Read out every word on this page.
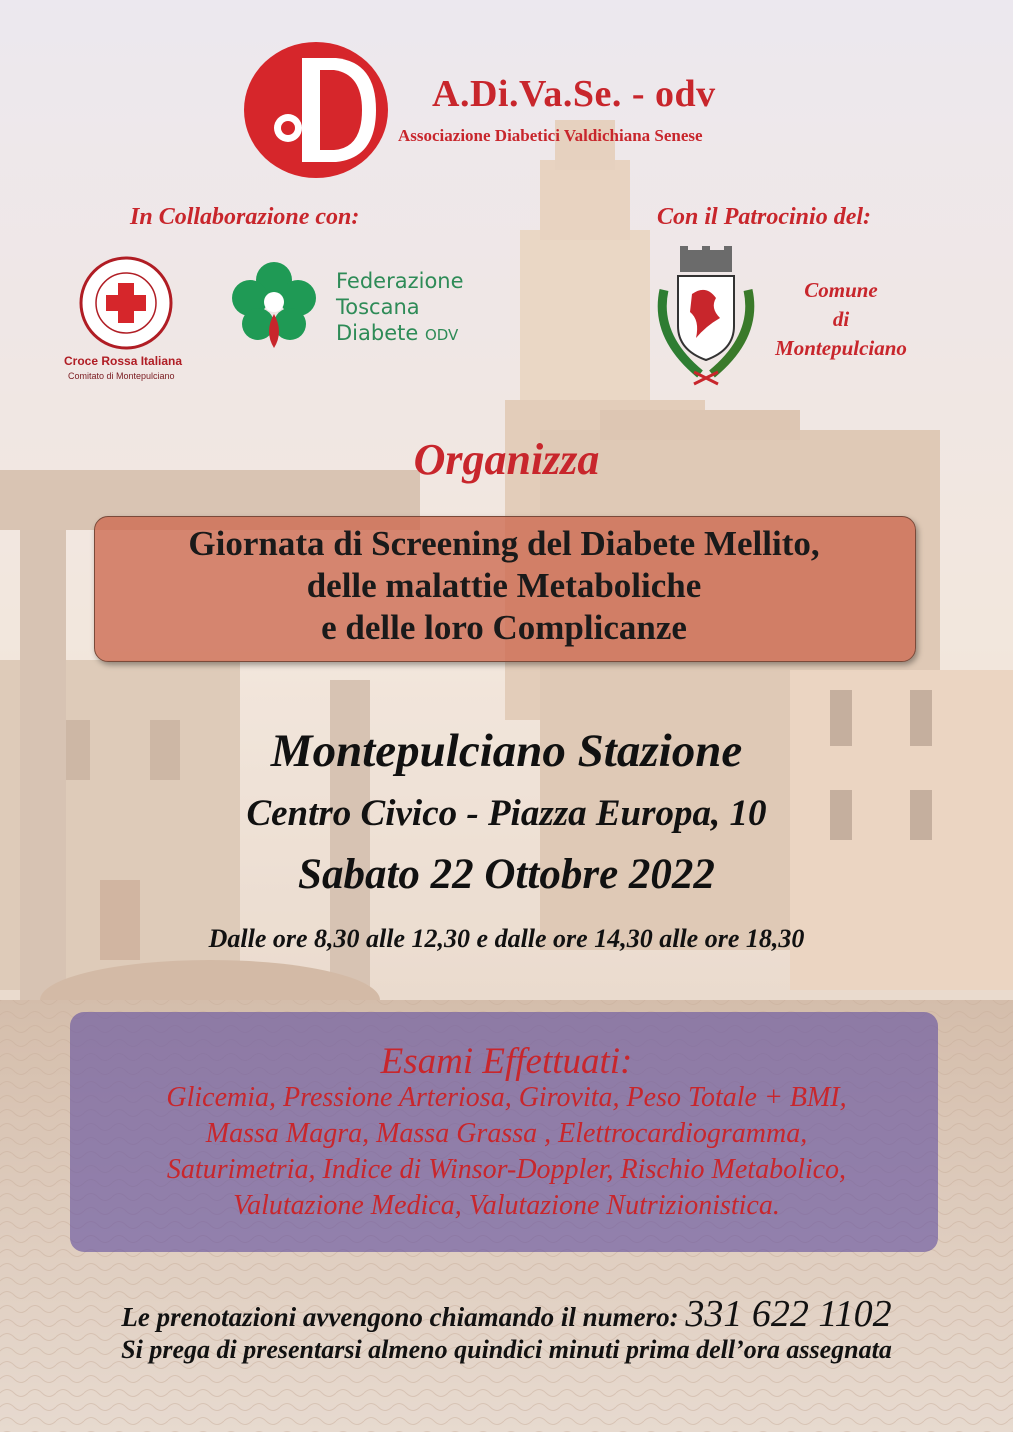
aD
A.Di.Va.Se. - odv
Associazione Diabetici Valdichiana Senese
In Collaborazione con:	Con il Patrocinio del:
CONVENZIONE DI GINEVRA 22 AGOSTO 1864
Croce Rossa Italiana
Comitato di Montepulciano
Federazione
Toscana
Diabete ODV
Comune
di
Montepulciano
Organizza
Giornata di Screening del Diabete Mellito,
delle malattie Metaboliche
e delle loro Complicanze
Montepulciano Stazione
Centro Civico - Piazza Europa, 10
Sabato 22 Ottobre 2022
Dalle ore 8,30 alle 12,30 e dalle ore 14,30 alle ore 18,30
Esami Effettuati:
Glicemia, Pressione Arteriosa, Girovita, Peso Totale + BMI,
Massa Magra, Massa Grassa , Elettrocardiogramma,
Saturimetria, Indice di Winsor-Doppler, Rischio Metabolico,
Valutazione Medica, Valutazione Nutrizionistica.
Le prenotazioni avvengono chiamando il numero: 331 622 1102
Si prega di presentarsi almeno quindici minuti prima dell’ora assegnata
